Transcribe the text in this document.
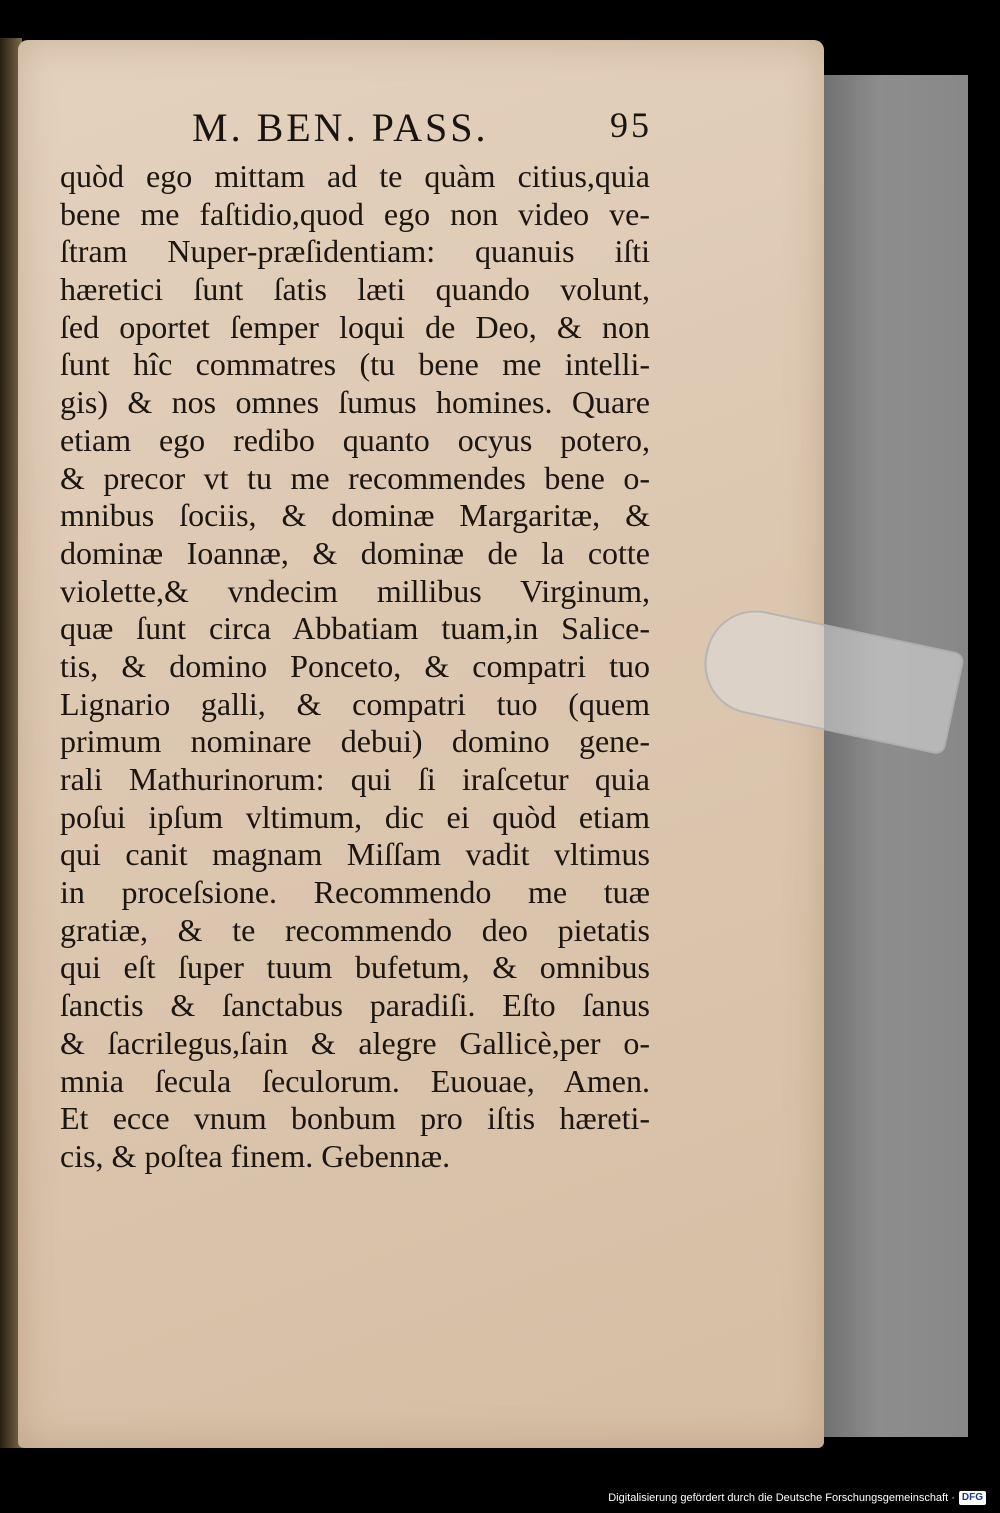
M. BEN. PASS.	95
quòd ego mittam ad te quàm citius,quia
bene me faſtidio,quod ego non video ve-
ſtram Nuper-præſidentiam: quanuis iſti
hæretici ſunt ſatis læti quando volunt,
ſed oportet ſemper loqui de Deo, & non
ſunt hîc commatres (tu bene me intelli-
gis) & nos omnes ſumus homines. Quare
etiam ego redibo quanto ocyus potero,
& precor vt tu me recommendes bene o-
mnibus ſociis, & dominæ Margaritæ, &
dominæ Ioannæ, & dominæ de la cotte
violette,& vndecim millibus Virginum,
quæ ſunt circa Abbatiam tuam,in Salice-
tis, & domino Ponceto, & compatri tuo
Lignario galli, & compatri tuo (quem
primum nominare debui) domino gene-
rali Mathurinorum: qui ſi iraſcetur quia
poſui ipſum vltimum, dic ei quòd etiam
qui canit magnam Miſſam vadit vltimus
in proceſsione. Recommendo me tuæ
gratiæ, & te recommendo deo pietatis
qui eſt ſuper tuum bufetum, & omnibus
ſanctis & ſanctabus paradiſi. Eſto ſanus
& ſacrilegus,ſain & alegre Gallicè,per o-
mnia ſecula ſeculorum. Euouae, Amen.
Et ecce vnum bonbum pro iſtis hæreti-
cis, & poſtea finem. Gebennæ.
Digitalisierung gefördert durch die Deutsche Forschungsgemeinschaft · DFG
